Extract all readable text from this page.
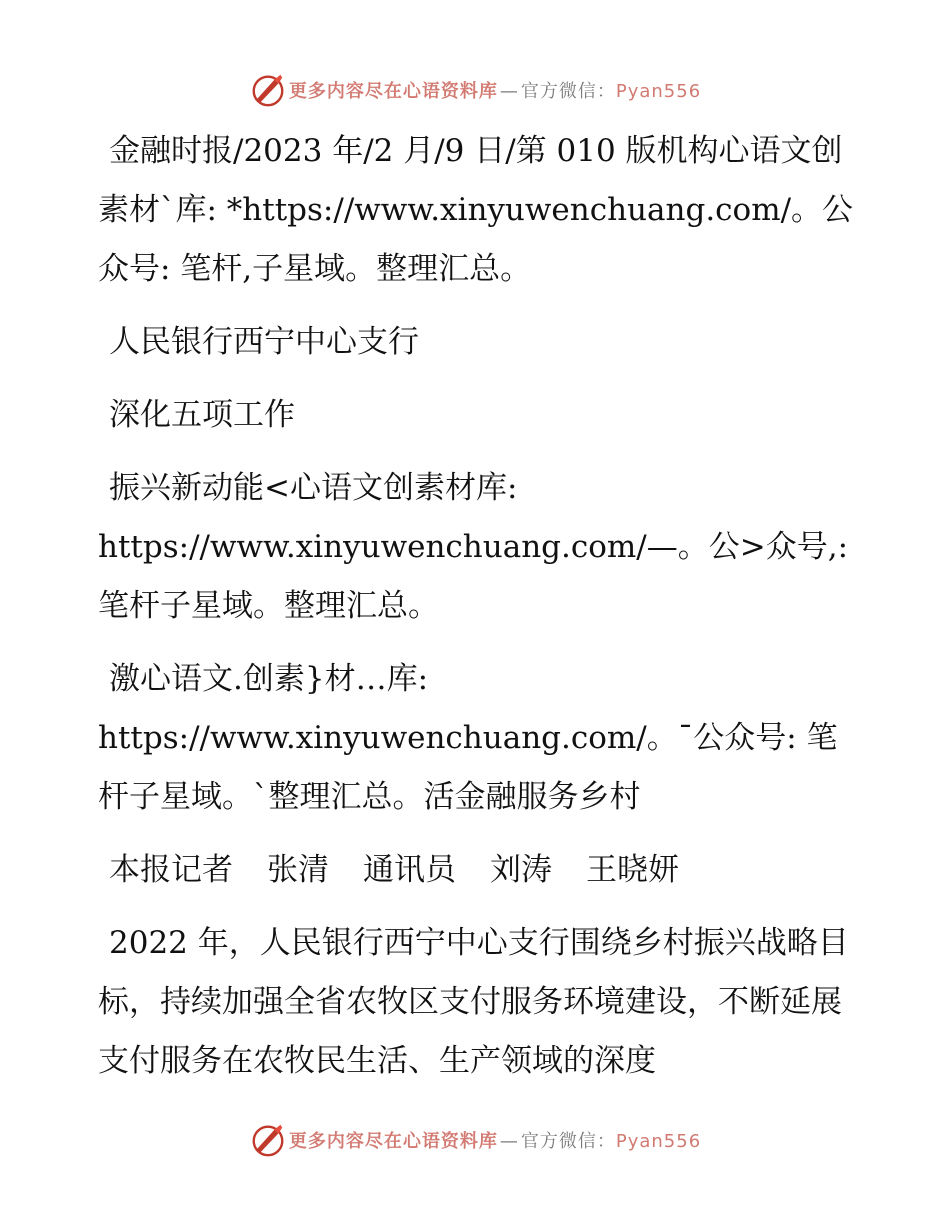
更多内容尽在心语资料库 — 官方微信：Pyan556

金融时报/2023 年/2 月/9 日/第 010 版机构心语文创素材`库: *https://www.xinyuwenchuang.com/。公众号: 笔杆,子星域。整理汇总。

人民银行西宁中心支行

深化五项工作

振兴新动能<心语文创素材库: https://www.xinyuwenchuang.com/—。公>众号,: 笔杆子星域。整理汇总。

激心语文.创素}材…库: https://www.xinyuwenchuang.com/。¯公众号: 笔杆子星域。`整理汇总。活金融服务乡村

本报记者 张清 通讯员 刘涛 王晓妍

2022 年，人民银行西宁中心支行围绕乡村振兴战略目标，持续加强全省农牧区支付服务环境建设，不断延展支付服务在农牧民生活、生产领域的深度

更多内容尽在心语资料库 — 官方微信：Pyan556
